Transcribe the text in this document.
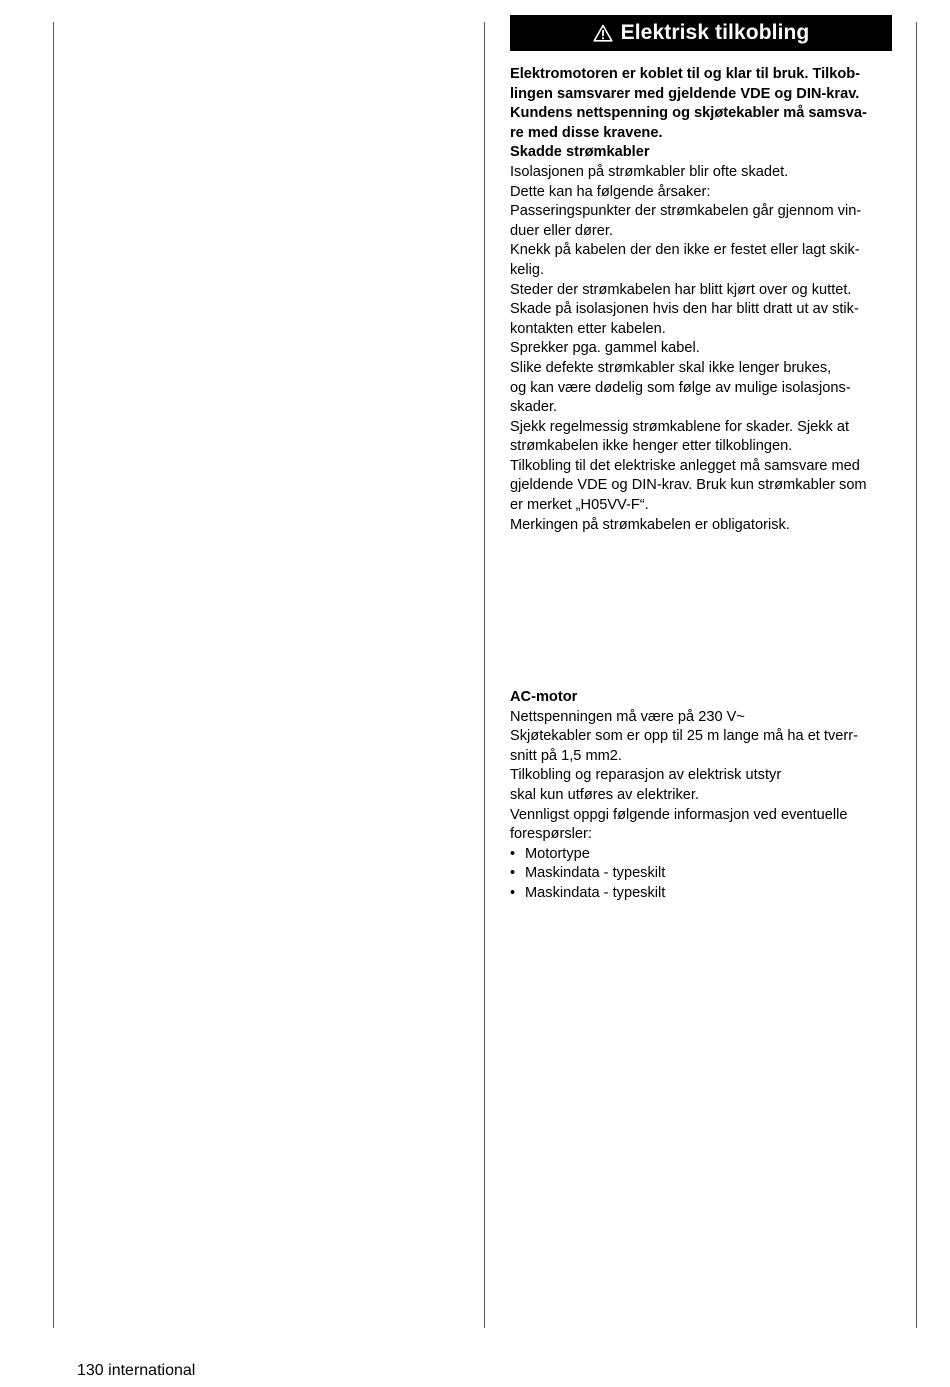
Elektrisk tilkobling

Elektromotoren er koblet til og klar til bruk. Tilkob-

lingen samsvarer med gjeldende VDE og DIN-krav.

Kundens nettspenning og skjøtekabler må samsva-

re med disse kravene.

Skadde strømkabler

Isolasjonen på strømkabler blir ofte skadet.

Dette kan ha følgende årsaker:

Passeringspunkter der strømkabelen går gjennom vin-

duer eller dører.

Knekk på kabelen der den ikke er festet eller lagt skik-

kelig.

Steder der strømkabelen har blitt kjørt over og kuttet.

Skade på isolasjonen hvis den har blitt dratt ut av stik-

kontakten etter kabelen.

Sprekker pga. gammel kabel.

Slike defekte strømkabler skal ikke lenger brukes,

og kan være dødelig som følge av mulige isolasjons-

skader.

Sjekk regelmessig strømkablene for skader. Sjekk at

strømkabelen ikke henger etter tilkoblingen.

Tilkobling til det elektriske anlegget må samsvare med

gjeldende VDE og DIN-krav. Bruk kun strømkabler som

er merket „H05VV-F“.

Merkingen på strømkabelen er obligatorisk.

AC-motor

Nettspenningen må være på 230 V~

Skjøtekabler som er opp til 25 m lange må ha et tverr-

snitt på 1,5 mm2.

Tilkobling og reparasjon av elektrisk utstyr

skal kun utføres av elektriker.

Vennligst oppgi følgende informasjon ved eventuelle

forespørsler:

• Motortype
• Maskindata - typeskilt
• Maskindata - typeskilt
130 international
